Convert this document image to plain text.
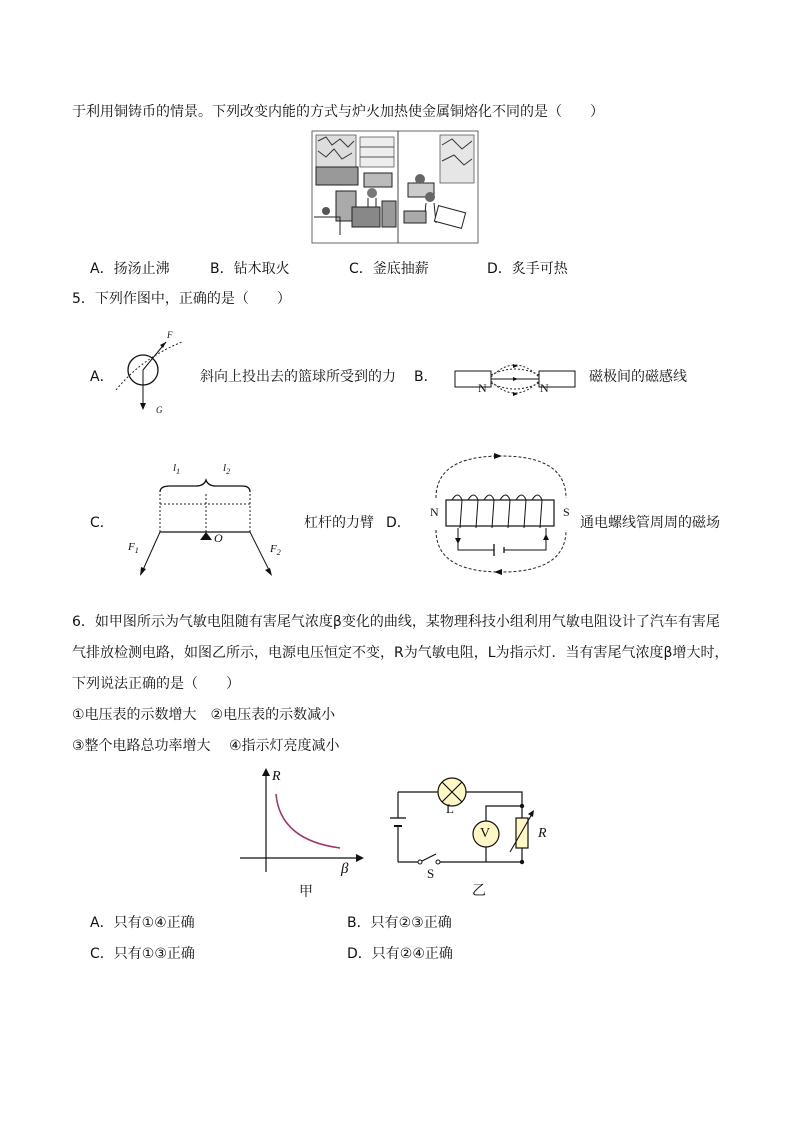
于利用铜铸币的情景。下列改变内能的方式与炉火加热使金属铜熔化不同的是（　　）
A．扬汤止沸	B．钻木取火	C．釜底抽薪	D．炙手可热
5．下列作图中，正确的是（　　）
A．
F
G
斜向上投出去的篮球所受到的力 B．
N	N
磁极间的磁感线
C．
$l_1$	$l_2$
O
$F_1$	$F_2$
杠杆的力臂 D．
N	S
通电螺线管周周的磁场
6．如甲图所示为气敏电阻随有害尾气浓度β变化的曲线，某物理科技小组利用气敏电阻设计了汽车有害尾
气排放检测电路，如图乙所示，电源电压恒定不变，R为气敏电阻，L为指示灯．当有害尾气浓度β增大时，
下列说法正确的是（　　）
①电压表的示数增大　②电压表的示数减小
③整个电路总功率增大　 ④指示灯亮度减小
R
β
甲
L
V	R
S
乙
A．只有①④正确	B．只有②③正确
C．只有①③正确	D．只有②④正确
